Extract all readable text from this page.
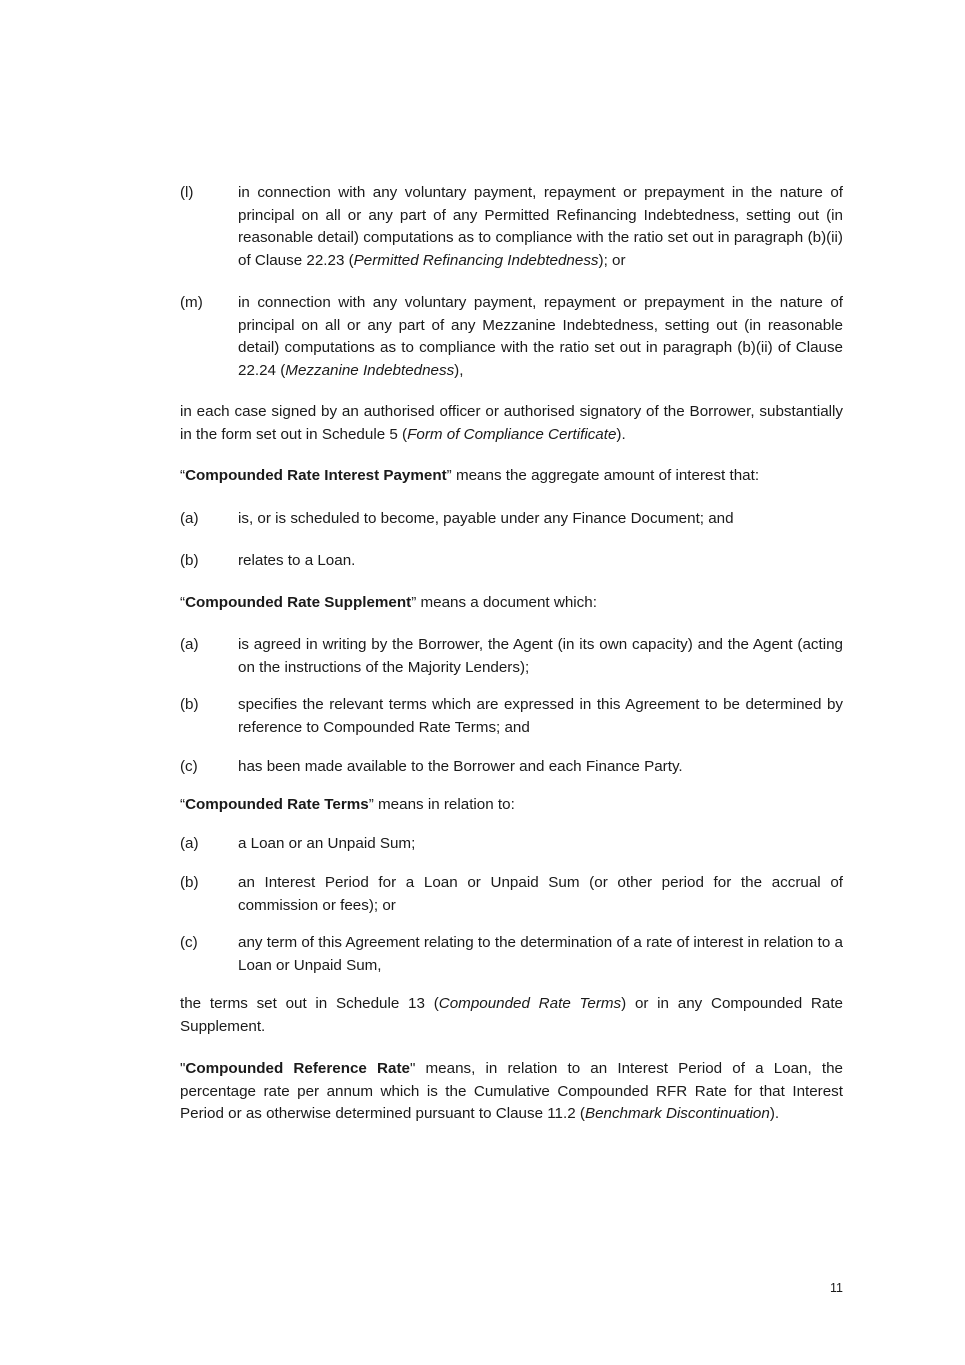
(l)	in connection with any voluntary payment, repayment or prepayment in the nature of principal on all or any part of any Permitted Refinancing Indebtedness, setting out (in reasonable detail) computations as to compliance with the ratio set out in paragraph (b)(ii) of Clause 22.23 (Permitted Refinancing Indebtedness); or
(m)	in connection with any voluntary payment, repayment or prepayment in the nature of principal on all or any part of any Mezzanine Indebtedness, setting out (in reasonable detail) computations as to compliance with the ratio set out in paragraph (b)(ii) of Clause 22.24 (Mezzanine Indebtedness),
in each case signed by an authorised officer or authorised signatory of the Borrower, substantially in the form set out in Schedule 5 (Form of Compliance Certificate).
“Compounded Rate Interest Payment” means the aggregate amount of interest that:
(a)	is, or is scheduled to become, payable under any Finance Document; and
(b)	relates to a Loan.
“Compounded Rate Supplement” means a document which:
(a)	is agreed in writing by the Borrower, the Agent (in its own capacity) and the Agent (acting on the instructions of the Majority Lenders);
(b)	specifies the relevant terms which are expressed in this Agreement to be determined by reference to Compounded Rate Terms; and
(c)	has been made available to the Borrower and each Finance Party.
“Compounded Rate Terms” means in relation to:
(a)	a Loan or an Unpaid Sum;
(b)	an Interest Period for a Loan or Unpaid Sum (or other period for the accrual of commission or fees); or
(c)	any term of this Agreement relating to the determination of a rate of interest in relation to a Loan or Unpaid Sum,
the terms set out in Schedule 13 (Compounded Rate Terms) or in any Compounded Rate Supplement.
"Compounded Reference Rate" means, in relation to an Interest Period of a Loan, the percentage rate per annum which is the Cumulative Compounded RFR Rate for that Interest Period or as otherwise determined pursuant to Clause 11.2 (Benchmark Discontinuation).
11
